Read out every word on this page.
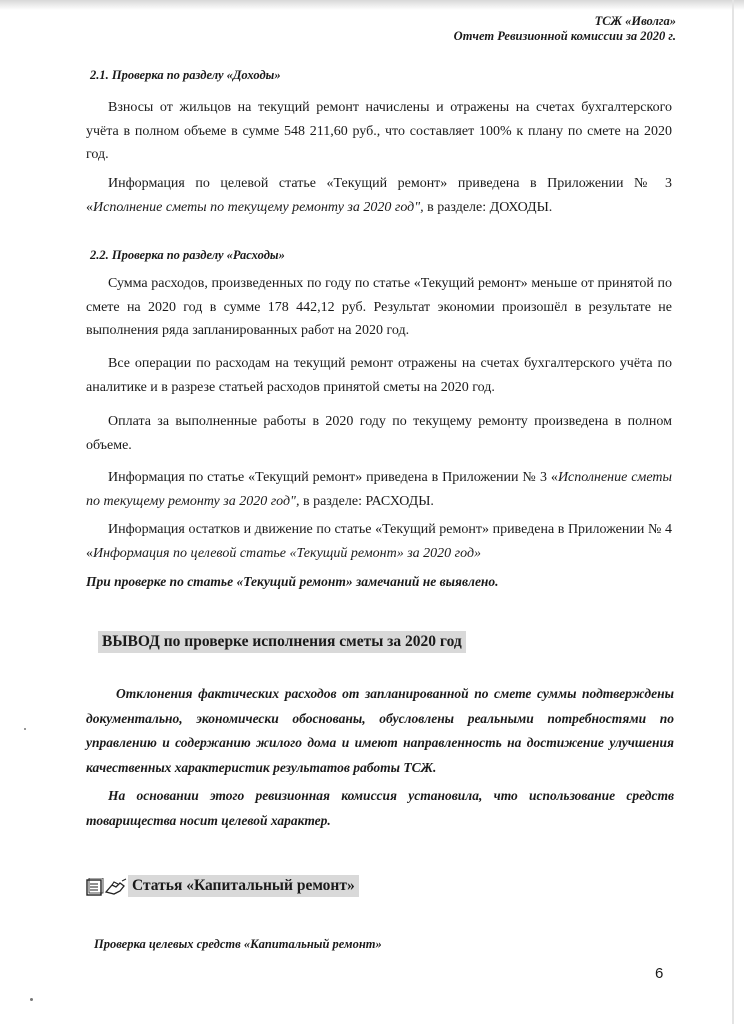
ТСЖ «Иволга»
Отчет Ревизионной комиссии за 2020 г.
2.1. Проверка по разделу «Доходы»

Взносы от жильцов на текущий ремонт начислены и отражены на счетах бухгалтерского учёта в полном объеме в сумме 548 211,60 руб., что составляет 100% к плану по смете на 2020 год.

Информация по целевой статье «Текущий ремонт» приведена в Приложении № 3 «Исполнение сметы по текущему ремонту за 2020 год", в разделе: ДОХОДЫ.

2.2. Проверка по разделу «Расходы»

Сумма расходов, произведенных по году по статье «Текущий ремонт» меньше от принятой по смете на 2020 год в сумме 178 442,12 руб. Результат экономии произошёл в результате не выполнения ряда запланированных работ на 2020 год.

Все операции по расходам на текущий ремонт отражены на счетах бухгалтерского учёта по аналитике и в разрезе статьей расходов принятой сметы на 2020 год.

Оплата за выполненные работы в 2020 году по текущему ремонту произведена в полном объеме.

Информация по статье «Текущий ремонт» приведена в Приложении № 3 «Исполнение сметы по текущему ремонту за 2020 год", в разделе: РАСХОДЫ.

Информация остатков и движение по статье «Текущий ремонт» приведена в Приложении № 4 «Информация по целевой статье «Текущий ремонт» за 2020 год»

При проверке по статье «Текущий ремонт» замечаний не выявлено.
ВЫВОД по проверке исполнения сметы за 2020 год

Отклонения фактических расходов от запланированной по смете суммы подтверждены документально, экономически обоснованы, обусловлены реальными потребностями по управлению и содержанию жилого дома и имеют направленность на достижение улучшения качественных характеристик результатов работы ТСЖ.

На основании этого ревизионная комиссия установила, что использование средств товарищества носит целевой характер.

Статья «Капитальный ремонт»
Проверка целевых средств «Капитальный ремонт»
6
